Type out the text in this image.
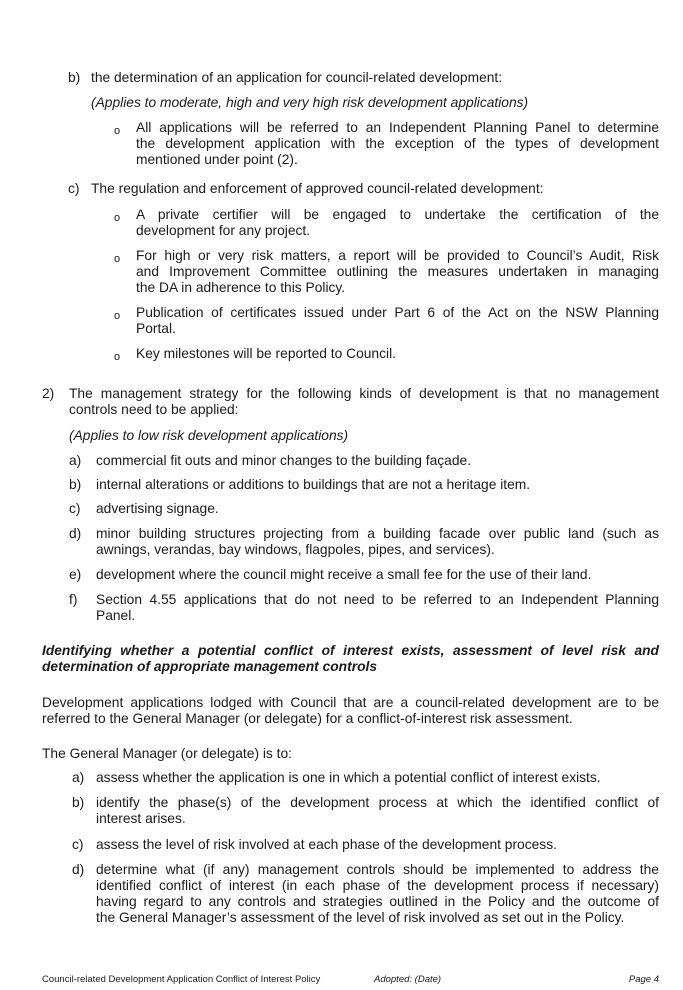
b) the determination of an application for council-related development:
(Applies to moderate, high and very high risk development applications)
o All applications will be referred to an Independent Planning Panel to determine
the development application with the exception of the types of development
mentioned under point (2).
c) The regulation and enforcement of approved council-related development:
o A private certifier will be engaged to undertake the certification of the
development for any project.
o For high or very risk matters, a report will be provided to Council’s Audit, Risk
and Improvement Committee outlining the measures undertaken in managing
the DA in adherence to this Policy.
o Publication of certificates issued under Part 6 of the Act on the NSW Planning
Portal.
o Key milestones will be reported to Council.
2) The management strategy for the following kinds of development is that no management
controls need to be applied:
(Applies to low risk development applications)
a) commercial fit outs and minor changes to the building façade.
b) internal alterations or additions to buildings that are not a heritage item.
c) advertising signage.
d) minor building structures projecting from a building facade over public land (such as
awnings, verandas, bay windows, flagpoles, pipes, and services).
e) development where the council might receive a small fee for the use of their land.
f) Section 4.55 applications that do not need to be referred to an Independent Planning
Panel.
Identifying whether a potential conflict of interest exists, assessment of level risk and
determination of appropriate management controls
Development applications lodged with Council that are a council-related development are to be
referred to the General Manager (or delegate) for a conflict-of-interest risk assessment.
The General Manager (or delegate) is to:
a) assess whether the application is one in which a potential conflict of interest exists.
b) identify the phase(s) of the development process at which the identified conflict of
interest arises.
c) assess the level of risk involved at each phase of the development process.
d) determine what (if any) management controls should be implemented to address the
identified conflict of interest (in each phase of the development process if necessary)
having regard to any controls and strategies outlined in the Policy and the outcome of
the General Manager’s assessment of the level of risk involved as set out in the Policy.
Council-related Development Application Conflict of Interest Policy	Adopted: (Date)	Page 4
